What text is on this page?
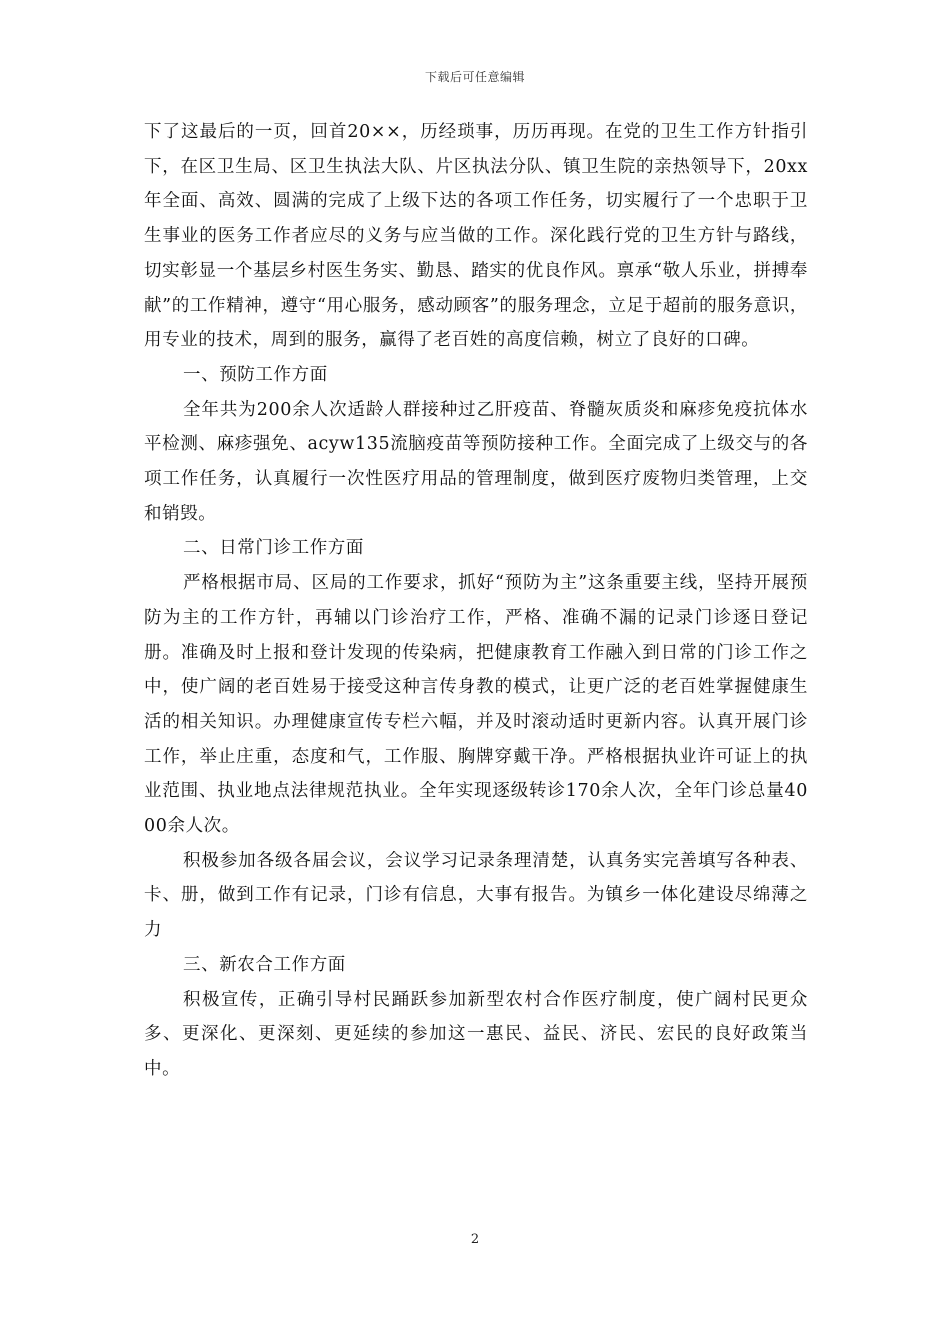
下载后可任意编辑

下了这最后的一页，回首20××，历经琐事，历历再现。在党的卫生工作方针指引下，在区卫生局、区卫生执法大队、片区执法分队、镇卫生院的亲热领导下，20xx年全面、高效、圆满的完成了上级下达的各项工作任务，切实履行了一个忠职于卫生事业的医务工作者应尽的义务与应当做的工作。深化践行党的卫生方针与路线，切实彰显一个基层乡村医生务实、勤恳、踏实的优良作风。禀承“敬人乐业，拼搏奉献”的工作精神，遵守“用心服务，感动顾客”的服务理念，立足于超前的服务意识，用专业的技术，周到的服务，赢得了老百姓的高度信赖，树立了良好的口碑。

一、预防工作方面

全年共为200余人次适龄人群接种过乙肝疫苗、脊髓灰质炎和麻疹免疫抗体水平检测、麻疹强免、acyw135流脑疫苗等预防接种工作。全面完成了上级交与的各项工作任务，认真履行一次性医疗用品的管理制度，做到医疗废物归类管理，上交和销毁。

二、日常门诊工作方面

严格根据市局、区局的工作要求，抓好“预防为主”这条重要主线，坚持开展预防为主的工作方针，再辅以门诊治疗工作，严格、准确不漏的记录门诊逐日登记册。准确及时上报和登计发现的传染病，把健康教育工作融入到日常的门诊工作之中，使广阔的老百姓易于接受这种言传身教的模式，让更广泛的老百姓掌握健康生活的相关知识。办理健康宣传专栏六幅，并及时滚动适时更新内容。认真开展门诊工作，举止庄重，态度和气，工作服、胸牌穿戴干净。严格根据执业许可证上的执业范围、执业地点法律规范执业。全年实现逐级转诊170余人次，全年门诊总量4000余人次。

积极参加各级各届会议，会议学习记录条理清楚，认真务实完善填写各种表、卡、册，做到工作有记录，门诊有信息，大事有报告。为镇乡一体化建设尽绵薄之力

三、新农合工作方面

积极宣传，正确引导村民踊跃参加新型农村合作医疗制度，使广阔村民更众多、更深化、更深刻、更延续的参加这一惠民、益民、济民、宏民的良好政策当中。

2
